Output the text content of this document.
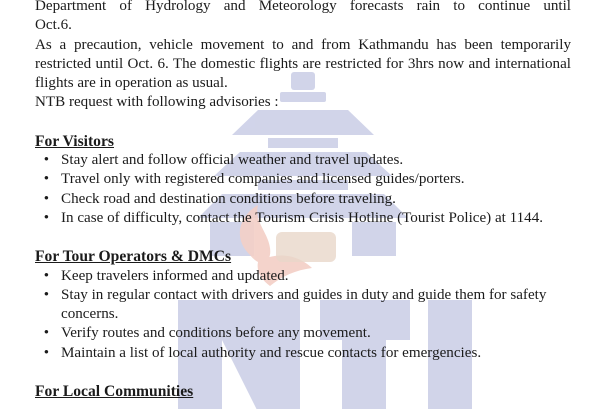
Department of Hydrology and Meteorology forecasts rain to continue until

Oct.6.

As a precaution, vehicle movement to and from Kathmandu has been temporarily restricted until Oct. 6. The domestic flights are restricted for 3hrs now and international flights are in operation as usual.

NTB request with following advisories :

For Visitors
• Stay alert and follow official weather and travel updates.
• Travel only with registered companies and licensed guides/porters.
• Check road and destination conditions before traveling.
• In case of difficulty, contact the Tourism Crisis Hotline (Tourist Police) at 1144.
For Tour Operators & DMCs
• Keep travelers informed and updated.
• Stay in regular contact with drivers and guides in duty and guide them for safety concerns.
• Verify routes and conditions before any movement.
• Maintain a list of local authority and rescue contacts for emergencies.
For Local Communities
